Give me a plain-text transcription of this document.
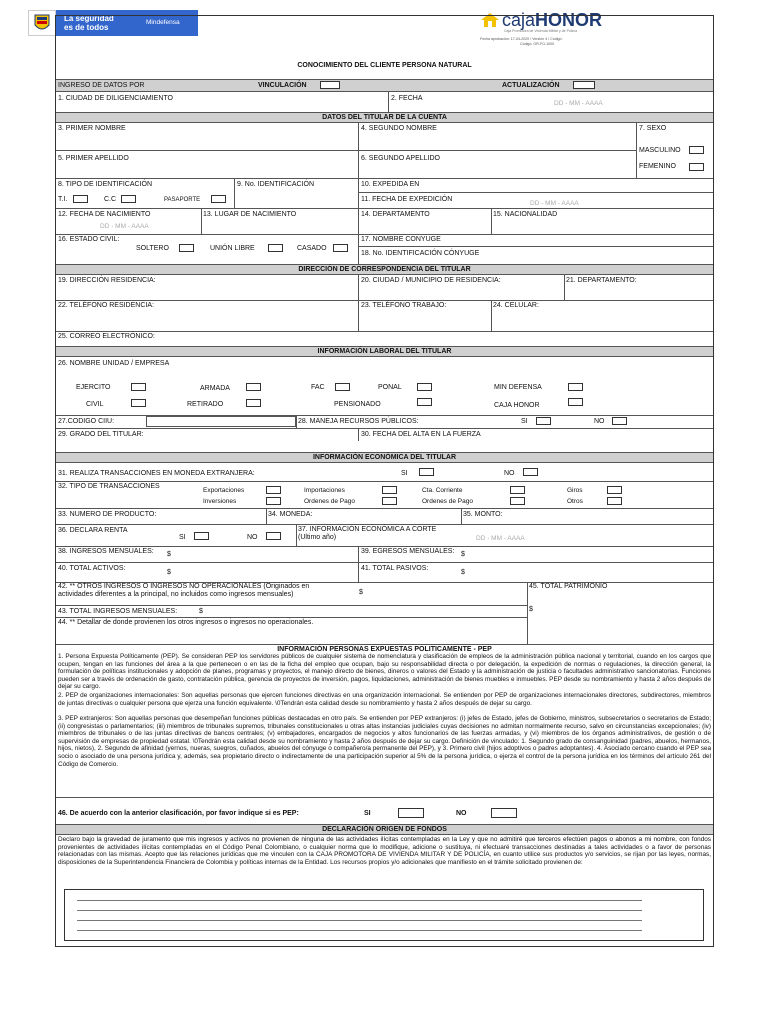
La seguridad
es de todos
Mindefensa	cajaHONOR
Caja Promotora de Vivienda Militar y de Policía
Fecha aprobación: 17-04-2020 / Versión 4 / Código:
Código: GR-FO-1000
CONOCIMIENTO DEL CLIENTE PERSONA NATURAL
INGRESO DE DATOS POR	VINCULACIÓN	ACTUALIZACIÓN
1. CIUDAD DE DILIGENCIAMIENTO	2. FECHA
DD - MM - AAAA
DATOS DEL TITULAR DE LA CUENTA
3. PRIMER NOMBRE	4. SEGUNDO NOMBRE	7. SEXO
MASCULINO
FEMENINO
5. PRIMER APELLIDO	6. SEGUNDO APELLIDO
8. TIPO DE IDENTIFICACIÓN
T.I.	C.C	PASAPORTE
9. No. IDENTIFICACIÓN	10. EXPEDIDA EN
11. FECHA DE EXPEDICIÓN
DD - MM - AAAA
12. FECHA DE NACIMIENTO
DD - MM - AAAA
13. LUGAR DE NACIMIENTO	14. DEPARTAMENTO	15. NACIONALIDAD
16. ESTADO CIVIL:
SOLTERO	UNIÓN LIBRE	CASADO
17. NOMBRE CONYUGE
18. No. IDENTIFICACIÓN CÓNYUGE
DIRECCIÓN DE CORRESPONDENCIA DEL TITULAR
19. DIRECCIÓN RESIDENCIA:	20. CIUDAD / MUNICIPIO DE RESIDENCIA:	21. DEPARTAMENTO:
22. TELÉFONO RESIDENCIA:	23. TELÉFONO TRABAJO:	24. CELULAR:
25. CORREO ELECTRÓNICO:
INFORMACIÓN LABORAL DEL TITULAR
26. NOMBRE UNIDAD / EMPRESA
EJERCITO	ARMADA	FAC	PONAL	MIN DEFENSA
CIVIL	RETIRADO	PENSIONADO	CAJA HONOR
27.CODIGO CIIU:	28. MANEJA RECURSOS PÚBLICOS:	SI	NO
29. GRADO DEL TITULAR:	30. FECHA DEL ALTA EN LA FUERZA
INFORMACIÓN ECONÓMICA DEL TITULAR
31. REALIZA TRANSACCIONES EN MONEDA EXTRANJERA:	SI	NO
32. TIPO DE TRANSACCIONES
Exportaciones	Importaciones	Cta. Corriente	Giros
Inversiones	Ordenes de Pago	Ordenes de Pago	Otros
33. NUMERO DE PRODUCTO:	34. MONEDA:	35. MONTO:
36. DECLARA RENTA
SI	NO
37. INFORMACIÓN ECONÓMICA A CORTE
(Ultimo año)	DD - MM - AAAA
38. INGRESOS MENSUALES: $	39. EGRESOS MENSUALES: $
40. TOTAL ACTIVOS:
$
41. TOTAL PASIVOS:
$
42. ** OTROS INGRESOS O INGRESOS NO OPERACIONALES (Originados en
actividades diferentes a la principal, no incluidos como ingresos mensuales)	$
45. TOTAL PATRIMONIO
$
43. TOTAL INGRESOS MENSUALES:	$
44. ** Detallar de donde provienen los otros ingresos o ingresos no operacionales.
INFORMACIÓN PERSONAS EXPUESTAS POLITICAMENTE - PEP
1. Persona Expuesta Políticamente (PEP). Se consideran PEP los servidores públicos de cualquier sistema de nomenclatura y clasificación de empleos de la administración pública nacional y territorial, cuando en los cargos que ocupen, tengan en las funciones del área a la que pertenecen o en las de la ficha del empleo que ocupan, bajo su responsabilidad directa o por delegación, la expedición de normas o regulaciones, la dirección general, la formulación de políticas institucionales y adopción de planes, programas y proyectos, el manejo directo de bienes, dineros o valores del Estado y la administración de justicia o facultades administrativo sancionatorias. Funciones pueden ser a través de ordenación de gasto, contratación pública, gerencia de proyectos de inversión, pagos, liquidaciones, administración de bienes muebles e inmuebles. PEP desde su nombramiento y hasta 2 años después de dejar su cargo.
2. PEP de organizaciones internacionales: Son aquellas personas que ejercen funciones directivas en una organización internacional. Se entienden por PEP de organizaciones internacionales directores, subdirectores, miembros de juntas directivas o cualquier persona que ejerza una función equivalente. \0Tendrán esta calidad desde su nombramiento y hasta 2 años después de dejar su cargo.
3. PEP extranjeros: Son aquellas personas que desempeñan funciones públicas destacadas en otro país. Se entienden por PEP extranjeros: (i) jefes de Estado, jefes de Gobierno, ministros, subsecretarios o secretarios de Estado; (ii) congresistas o parlamentarios; (iii) miembros de tribunales supremos, tribunales constitucionales u otras altas instancias judiciales cuyas decisiones no admitan normalmente recurso, salvo en circunstancias excepcionales; (iv) miembros de tribunales o de las juntas directivas de bancos centrales; (v) embajadores, encargados de negocios y altos funcionarios de las fuerzas armadas, y (vi) miembros de los órganos administrativos, de gestión o de supervisión de empresas de propiedad estatal. \0Tendrán esta calidad desde su nombramiento y hasta 2 años después de dejar su cargo. Definición de vinculado: 1. Segundo grado de consanguinidad (padres, abuelos, hermanos, hijos, nietos), 2. Segundo de afinidad (yernos, nueras, suegros, cuñados, abuelos del cónyuge o compañero/a permanente del PEP), y 3. Primero civil (hijos adoptivos o padres adoptantes). 4. Asociado cercano cuando el PEP sea socio o asociado de una persona jurídica y, además, sea propietario directo o indirectamente de una participación superior al 5% de la persona jurídica, o ejerza el control de la persona jurídica en los términos del artículo 261 del Código de Comercio.
46. De acuerdo con la anterior clasificación, por favor indique si es PEP:	SI	NO
DECLARACIÓN ORIGEN DE FONDOS
Declaro bajo la gravedad de juramento que mis ingresos y activos no provienen de ninguna de las actividades ilícitas contempladas en la Ley y que no admitiré que terceros efectúen pagos o abonos a mi nombre, con fondos provenientes de actividades ilícitas contempladas en el Código Penal Colombiano, o cualquier norma que lo modifique, adicione o sustituya, ni efectuaré transacciones destinadas a tales actividades o a favor de personas relacionadas con las mismas. Acepto que las relaciones jurídicas que me vinculen con la CAJA PROMOTORA DE VIVIENDA MILITAR Y DE POLICÍA, en cuanto utilice sus productos y/o servicios, se rijan por las leyes, normas, disposiciones de la Superintendencia Financiera de Colombia y políticas internas de la Entidad. Los recursos propios y/o adicionales que manifiesto en el trámite solicitado provienen de:
